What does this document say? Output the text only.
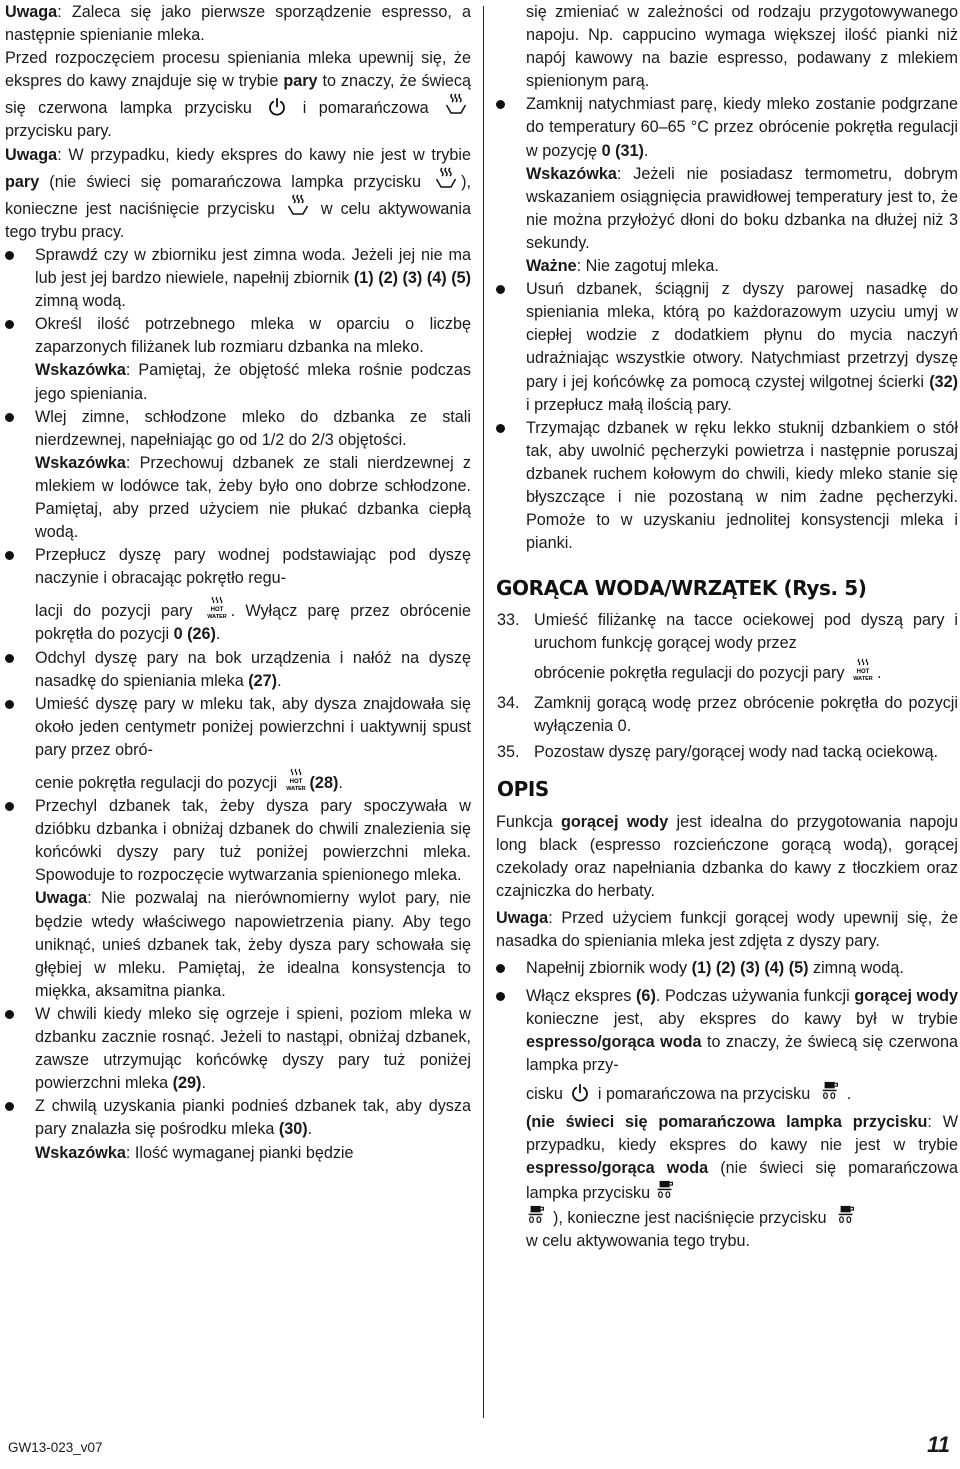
Uwaga: Zaleca się jako pierwsze sporządzenie espresso, a następnie spienianie mleka.

Przed rozpoczęciem procesu spieniania mleka upewnij się, że ekspres do kawy znajduje się w trybie pary to znaczy, że świecą się czerwona lampka przycisku  i pomarańczowa  przycisku pary.

Uwaga: W przypadku, kiedy ekspres do kawy nie jest w trybie pary (nie świeci się pomarańczowa lampka przycisku ), konieczne jest naciśnięcie przycisku  w celu aktywowania tego trybu pracy.

Sprawdź czy w zbiorniku jest zimna woda. Jeżeli jej nie ma lub jest jej bardzo niewiele, napełnij zbiornik (1) (2) (3) (4) (5) zimną wodą.

Określ ilość potrzebnego mleka w oparciu o liczbę zaparzonych filiżanek lub rozmiaru dzbanka na mleko.

Wskazówka: Pamiętaj, że objętość mleka rośnie podczas jego spieniania.

Wlej zimne, schłodzone mleko do dzbanka ze stali nierdzewnej, napełniając go od 1/2 do 2/3 objętości.

Wskazówka: Przechowuj dzbanek ze stali nierdzewnej z mlekiem w lodówce tak, żeby było ono dobrze schłodzone. Pamiętaj, aby przed użyciem nie płukać dzbanka ciepłą wodą.

Przepłucz dyszę pary wodnej podstawiając pod dyszę naczynie i obracając pokrętło regu-

lacji do pozycji pary HOT
WATER . Wyłącz parę przez obrócenie pokrętła do pozycji 0 (26).

Odchyl dyszę pary na bok urządzenia i nałóż na dyszę nasadkę do spieniania mleka (27).

Umieść dyszę pary w mleku tak, aby dysza znajdowała się około jeden centymetr poniżej powierzchni i uaktywnij spust pary przez obró-

cenie pokrętła regulacji do pozycji HOT
WATER (28).

Przechyl dzbanek tak, żeby dysza pary spoczywała w dzióbku dzbanka i obniżaj dzbanek do chwili znalezienia się końcówki dyszy pary tuż poniżej powierzchni mleka. Spowoduje to rozpoczęcie wytwarzania spienionego mleka.

Uwaga: Nie pozwalaj na nierównomierny wylot pary, nie będzie wtedy właściwego napowietrzenia piany. Aby tego uniknąć, unieś dzbanek tak, żeby dysza pary schowała się głębiej w mleku. Pamiętaj, że idealna konsystencja to miękka, aksamitna pianka.

W chwili kiedy mleko się ogrzeje i spieni, poziom mleka w dzbanku zacznie rosnąć. Jeżeli to nastąpi, obniżaj dzbanek, zawsze utrzymując końcówkę dyszy pary tuż poniżej powierzchni mleka (29).

Z chwilą uzyskania pianki podnieś dzbanek tak, aby dysza pary znalazła się pośrodku mleka (30).

Wskazówka: Ilość wymaganej pianki będzie

się zmieniać w zależności od rodzaju przygotowywanego napoju. Np. cappucino wymaga większej ilość pianki niż napój kawowy na bazie espresso, podawany z mlekiem spienionym parą.

Zamknij natychmiast parę, kiedy mleko zostanie podgrzane do temperatury 60–65 °C przez obrócenie pokrętła regulacji w pozycję 0 (31).

Wskazówka: Jeżeli nie posiadasz termometru, dobrym wskazaniem osiągnięcia prawidłowej temperatury jest to, że nie można przyłożyć dłoni do boku dzbanka na dłużej niż 3 sekundy.

Ważne: Nie zagotuj mleka.

Usuń dzbanek, ściągnij z dyszy parowej nasadkę do spieniania mleka, którą po każdorazowym uzyciu umyj w ciepłej wodzie z dodatkiem płynu do mycia naczyń udrażniając wszystkie otwory. Natychmiast przetrzyj dyszę pary i jej końcówkę za pomocą czystej wilgotnej ścierki (32) i przepłucz małą ilością pary.

Trzymając dzbanek w ręku lekko stuknij dzbankiem o stół tak, aby uwolnić pęcherzyki powietrza i następnie poruszaj dzbanek ruchem kołowym do chwili, kiedy mleko stanie się błyszczące i nie pozostaną w nim żadne pęcherzyki. Pomoże to w uzyskaniu jednolitej konsystencji mleka i pianki.

GORĄCA WODA/WRZĄTEK (Rys. 5)

33. Umieść filiżankę na tacce ociekowej pod dyszą pary i uruchom funkcję gorącej wody przez
obrócenie pokrętła regulacji do pozycji pary HOT
WATER .

34. Zamknij gorącą wodę przez obrócenie pokrętła do pozycji wyłączenia 0.

35. Pozostaw dyszę pary/gorącej wody nad tacką ociekową.

OPIS

Funkcja gorącej wody jest idealna do przygotowania napoju long black (espresso rozcieńczone gorącą wodą), gorącej czekolady oraz napełniania dzbanka do kawy z tłoczkiem oraz czajniczka do herbaty.

Uwaga: Przed użyciem funkcji gorącej wody upewnij się, że nasadka do spieniania mleka jest zdjęta z dyszy pary.

Napełnij zbiornik wody (1) (2) (3) (4) (5) zimną wodą.

Włącz ekspres (6). Podczas używania funkcji gorącej wody konieczne jest, aby ekspres do kawy był w trybie espresso/gorąca woda to znaczy, że świecą się czerwona lampka przy-
cisku  i pomarańczowa na przycisku .

(nie świeci się pomarańczowa lampka przycisku: W przypadku, kiedy ekspres do kawy nie jest w trybie espresso/gorąca woda (nie świeci się pomarańczowa lampka przycisku
), konieczne jest naciśnięcie przycisku
w celu aktywowania tego trybu.

GW13-023_v07	11
